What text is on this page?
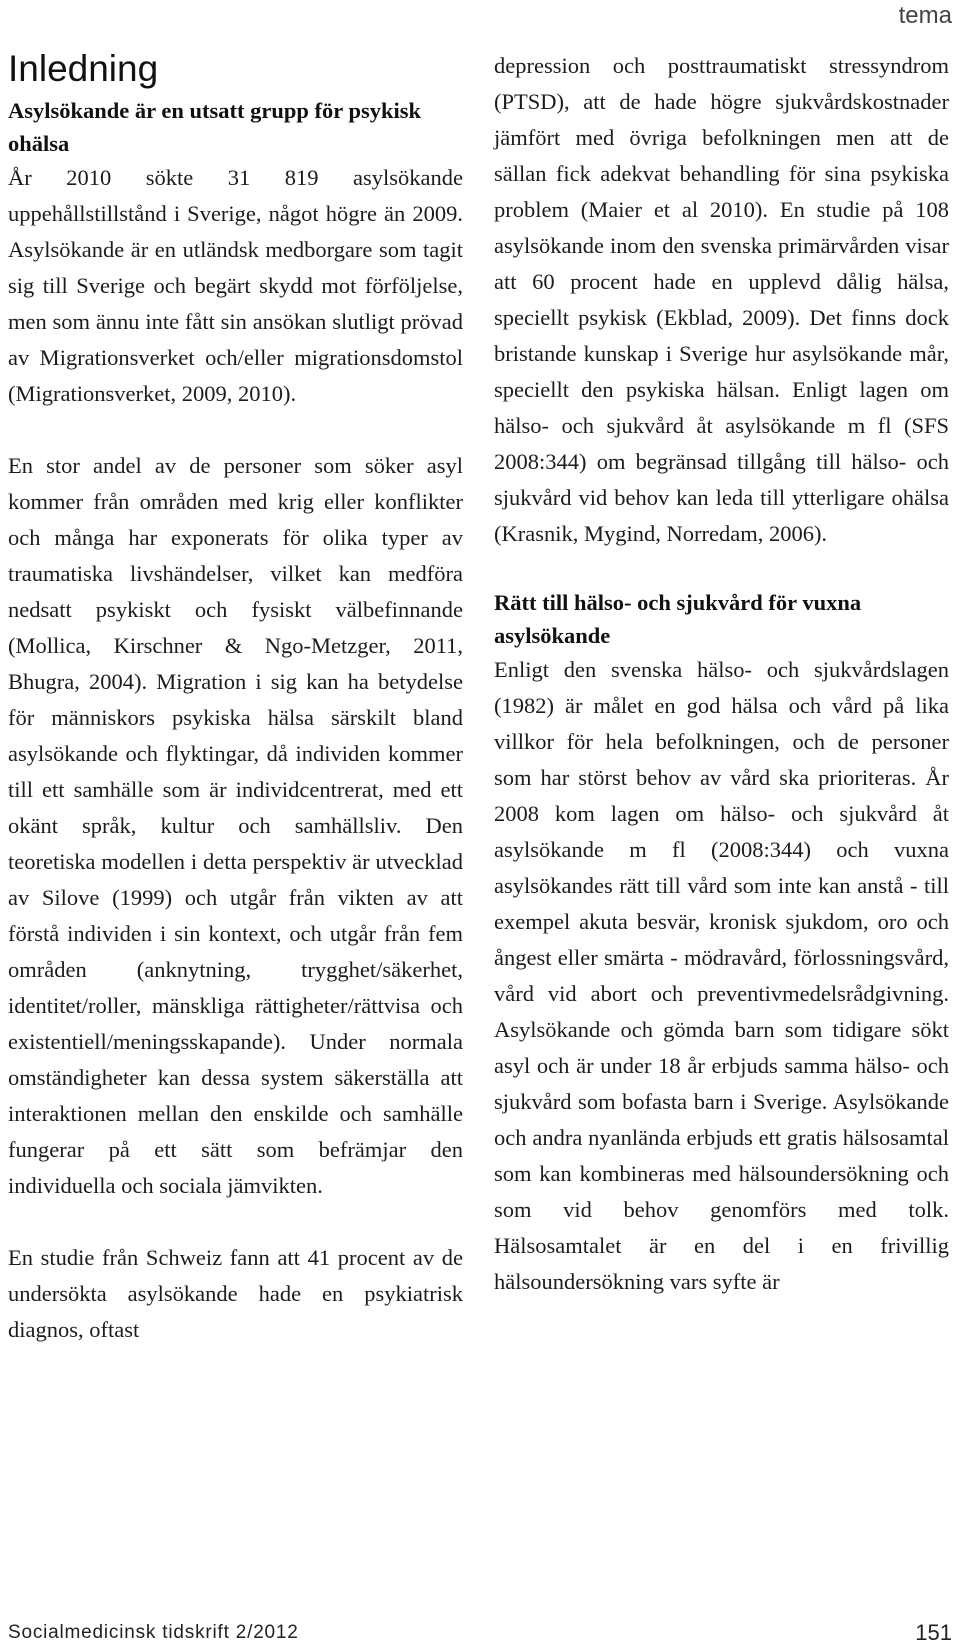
tema
Inledning
Asylsökande är en utsatt grupp för psykisk ohälsa

År 2010 sökte 31 819 asylsökande uppehållstillstånd i Sverige, något högre än 2009. Asylsökande är en utländsk medborgare som tagit sig till Sverige och begärt skydd mot förföljelse, men som ännu inte fått sin ansökan slutligt prövad av Migrationsverket och/eller migrationsdomstol (Migrationsverket, 2009, 2010).

En stor andel av de personer som söker asyl kommer från områden med krig eller konflikter och många har exponerats för olika typer av traumatiska livshändelser, vilket kan medföra nedsatt psykiskt och fysiskt välbefinnande (Mollica, Kirschner & Ngo-Metzger, 2011, Bhugra, 2004). Migration i sig kan ha betydelse för människors psykiska hälsa särskilt bland asylsökande och flyktingar, då individen kommer till ett samhälle som är individcentrerat, med ett okänt språk, kultur och samhällsliv. Den teoretiska modellen i detta perspektiv är utvecklad av Silove (1999) och utgår från vikten av att förstå individen i sin kontext, och utgår från fem områden (anknytning, trygghet/säkerhet, identitet/roller, mänskliga rättigheter/rättvisa och existentiell/meningsskapande). Under normala omständigheter kan dessa system säkerställa att interaktionen mellan den enskilde och samhälle fungerar på ett sätt som befrämjar den individuella och sociala jämvikten.

En studie från Schweiz fann att 41 procent av de undersökta asylsökande hade en psykiatrisk diagnos, oftast

depression och posttraumatiskt stressyndrom (PTSD), att de hade högre sjukvårdskostnader jämfört med övriga befolkningen men att de sällan fick adekvat behandling för sina psykiska problem (Maier et al 2010). En studie på 108 asylsökande inom den svenska primärvården visar att 60 procent hade en upplevd dålig hälsa, speciellt psykisk (Ekblad, 2009). Det finns dock bristande kunskap i Sverige hur asylsökande mår, speciellt den psykiska hälsan. Enligt lagen om hälso- och sjukvård åt asylsökande m fl (SFS 2008:344) om begränsad tillgång till hälso- och sjukvård vid behov kan leda till ytterligare ohälsa (Krasnik, Mygind, Norredam, 2006).

Rätt till hälso- och sjukvård för vuxna asylsökande

Enligt den svenska hälso- och sjukvårdslagen (1982) är målet en god hälsa och vård på lika villkor för hela befolkningen, och de personer som har störst behov av vård ska prioriteras. År 2008 kom lagen om hälso- och sjukvård åt asylsökande m fl (2008:344) och vuxna asylsökandes rätt till vård som inte kan anstå - till exempel akuta besvär, kronisk sjukdom, oro och ångest eller smärta - mödravård, förlossningsvård, vård vid abort och preventivmedelsrådgivning. Asylsökande och gömda barn som tidigare sökt asyl och är under 18 år erbjuds samma hälso- och sjukvård som bofasta barn i Sverige. Asylsökande och andra nyanlända erbjuds ett gratis hälsosamtal som kan kombineras med hälsoundersökning och som vid behov genomförs med tolk. Hälsosamtalet är en del i en frivillig hälsoundersökning vars syfte är

Socialmedicinsk tidskrift 2/2012	151
